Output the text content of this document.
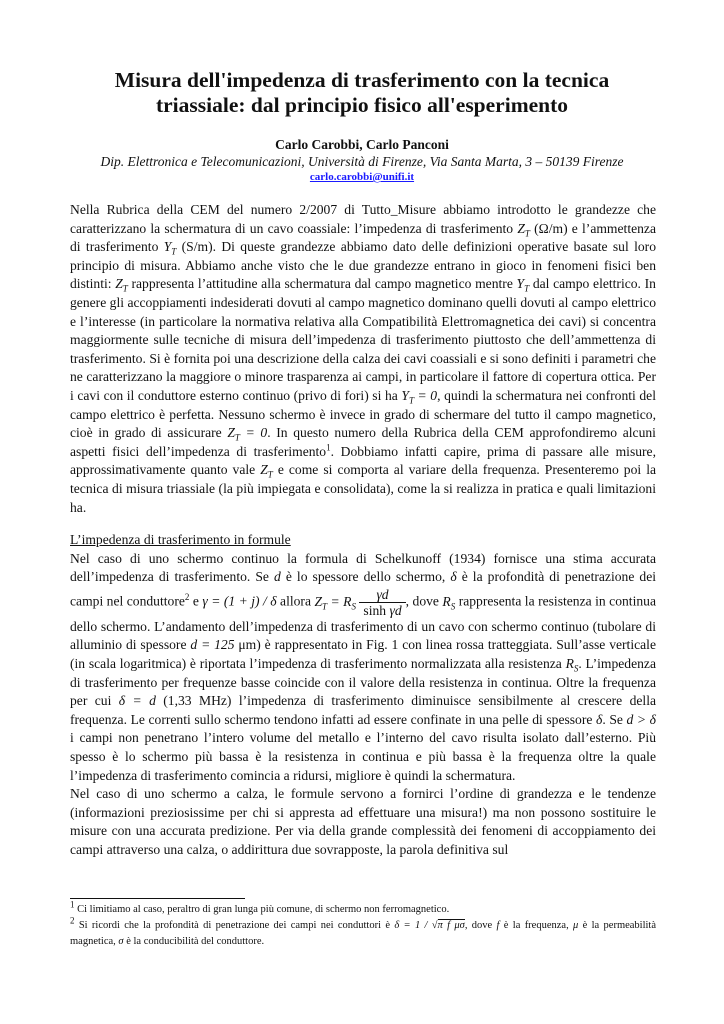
Misura dell'impedenza di trasferimento con la tecnica
triassiale: dal principio fisico all'esperimento
Carlo Carobbi, Carlo Panconi
Dip. Elettronica e Telecomunicazioni, Università di Firenze, Via Santa Marta, 3 – 50139 Firenze
carlo.carobbi@unifi.it

Nella Rubrica della CEM del numero 2/2007 di Tutto_Misure abbiamo introdotto le grandezze che caratterizzano la schermatura di un cavo coassiale: l’impedenza di trasferimento $Z_T$ (Ω/m) e l’ammettenza di trasferimento $Y_T$ (S/m). Di queste grandezze abbiamo dato delle definizioni operative basate sul loro principio di misura. Abbiamo anche visto che le due grandezze entrano in gioco in fenomeni fisici ben distinti: $Z_T$ rappresenta l’attitudine alla schermatura dal campo magnetico mentre $Y_T$ dal campo elettrico. In genere gli accoppiamenti indesiderati dovuti al campo magnetico dominano quelli dovuti al campo elettrico e l’interesse (in particolare la normativa relativa alla Compatibilità Elettromagnetica dei cavi) si concentra maggiormente sulle tecniche di misura dell’impedenza di trasferimento piuttosto che dell’ammettenza di trasferimento. Si è fornita poi una descrizione della calza dei cavi coassiali e si sono definiti i parametri che ne caratterizzano la maggiore o minore trasparenza ai campi, in particolare il fattore di copertura ottica. Per i cavi con il conduttore esterno continuo (privo di fori) si ha $Y_T = 0$, quindi la schermatura nei confronti del campo elettrico è perfetta. Nessuno schermo è invece in grado di schermare del tutto il campo magnetico, cioè in grado di assicurare $Z_T = 0$. In questo numero della Rubrica della CEM approfondiremo alcuni aspetti fisici dell’impedenza di trasferimento$^1$. Dobbiamo infatti capire, prima di passare alle misure, approssimativamente quanto vale $Z_T$ e come si comporta al variare della frequenza. Presenteremo poi la tecnica di misura triassiale (la più impiegata e consolidata), come la si realizza in pratica e quali limitazioni ha.

L’impedenza di trasferimento in formule

Nel caso di uno schermo continuo la formula di Schelkunoff (1934) fornisce una stima accurata dell’impedenza di trasferimento. Se d è lo spessore dello schermo, δ è la profondità di penetrazione dei campi nel conduttore$^2$ e γ = (1 + j) / δ allora $Z_T = R_S \frac{\gamma d}{\text{sinh γd}}$ , dove $R_S$ rappresenta la resistenza in continua dello schermo. L’andamento dell’impedenza di trasferimento di un cavo con schermo continuo (tubolare di alluminio di spessore d = 125 μm) è rappresentato in Fig. 1 con linea rossa tratteggiata. Sull’asse verticale (in scala logaritmica) è riportata l’impedenza di trasferimento normalizzata alla resistenza $R_S$. L’impedenza di trasferimento per frequenze basse coincide con il valore della resistenza in continua. Oltre la frequenza per cui δ = d (1,33 MHz) l’impedenza di trasferimento diminuisce sensibilmente al crescere della frequenza. Le correnti sullo schermo tendono infatti ad essere confinate in una pelle di spessore δ. Se d > δ i campi non penetrano l’intero volume del metallo e l’interno del cavo risulta isolato dall’esterno. Più spesso è lo schermo più bassa è la resistenza in continua e più bassa è la frequenza oltre la quale l’impedenza di trasferimento comincia a ridursi, migliore è quindi la schermatura.

Nel caso di uno schermo a calza, le formule servono a fornirci l’ordine di grandezza e le tendenze (informazioni preziosissime per chi si appresta ad effettuare una misura!) ma non possono sostituire le misure con una accurata predizione. Per via della grande complessità dei fenomeni di accoppiamento dei campi attraverso una calza, o addirittura due sovrapposte, la parola definitiva sul

$^1$ Ci limitiamo al caso, peraltro di gran lunga più comune, di schermo non ferromagnetico.

$^2$ Si ricordi che la profondità di penetrazione dei campi nei conduttori è δ = 1 / √π f μσ, dove f è la frequenza, μ è la permeabilità magnetica, σ è la conducibilità del conduttore.
